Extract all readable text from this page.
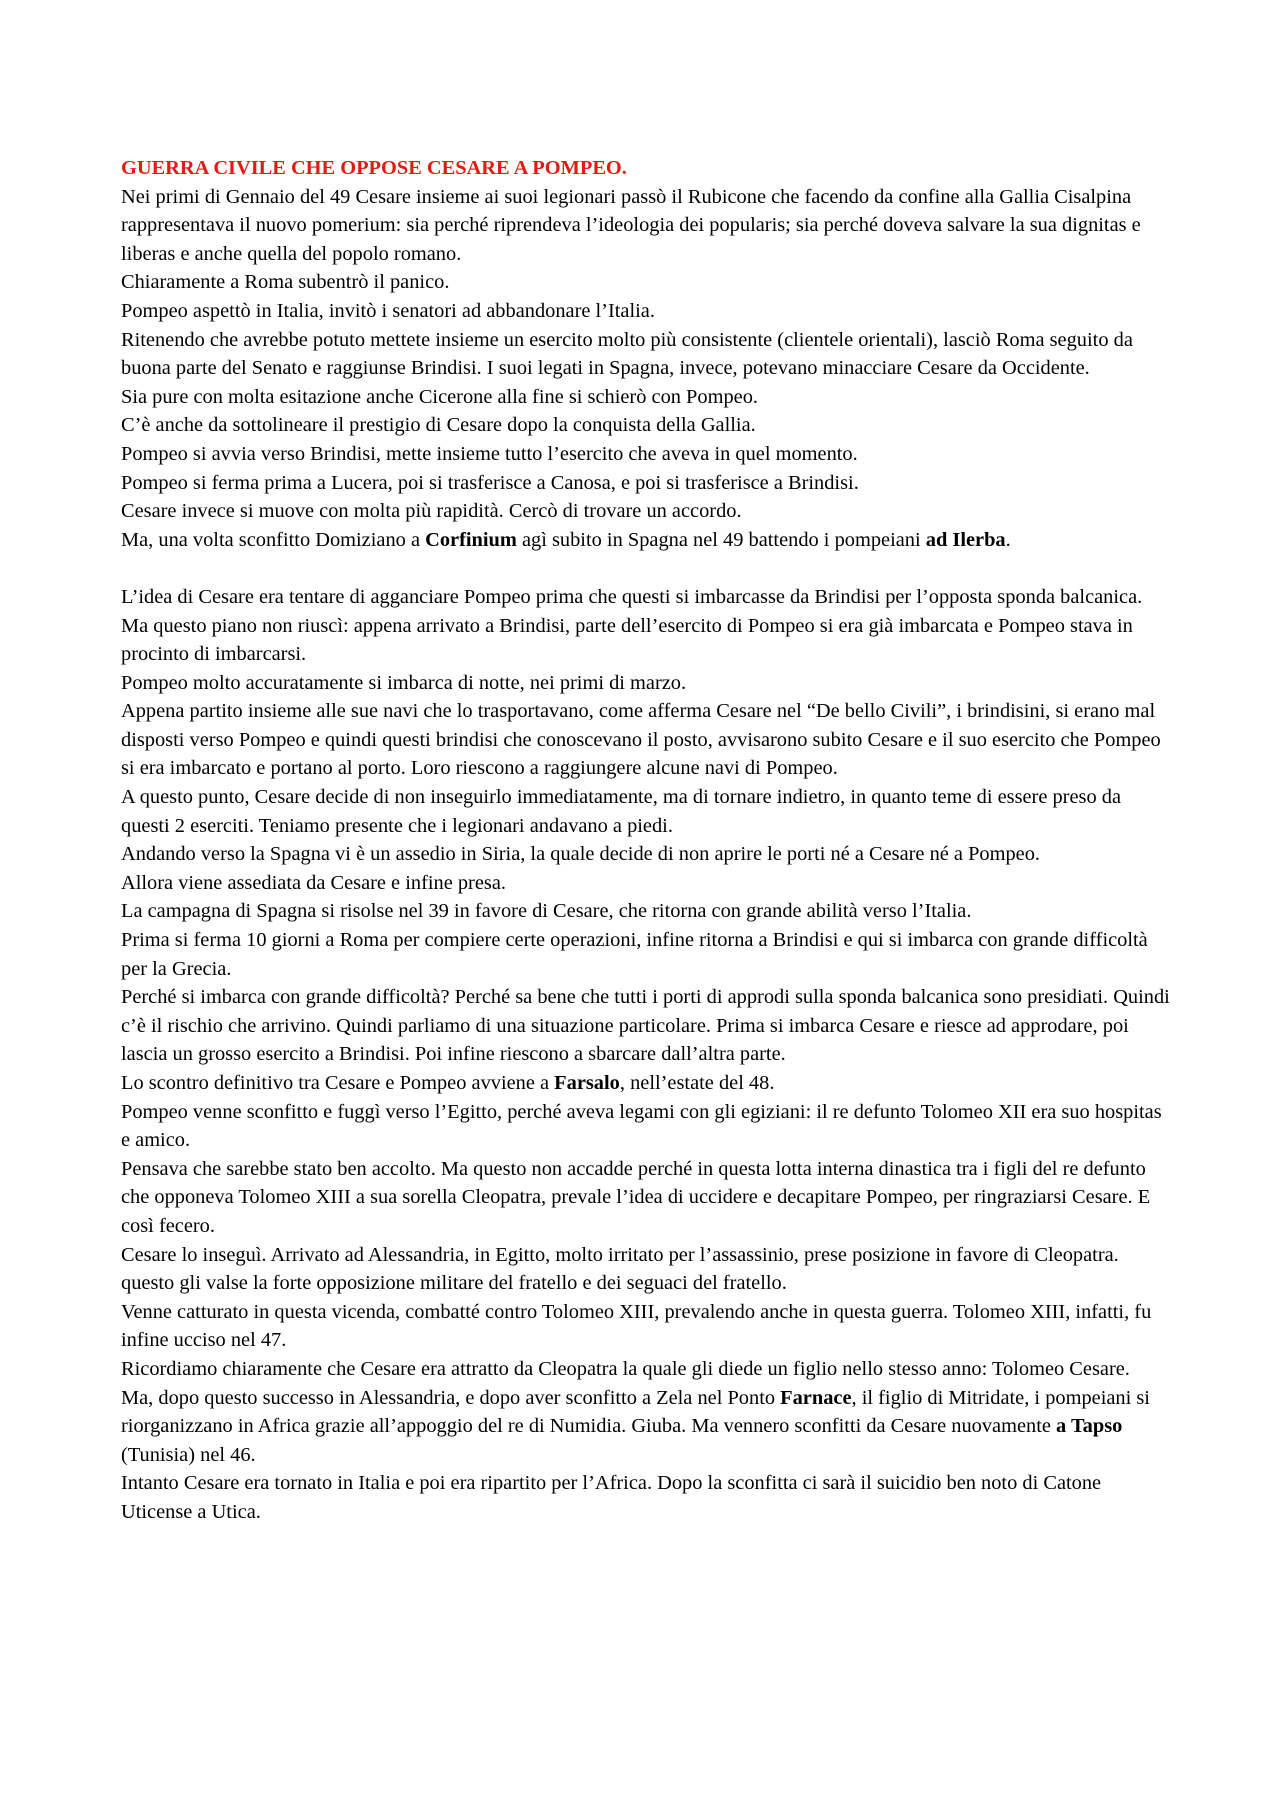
GUERRA CIVILE CHE OPPOSE CESARE A POMPEO.

Nei primi di Gennaio del 49 Cesare insieme ai suoi legionari passò il Rubicone che facendo da confine alla Gallia Cisalpina rappresentava il nuovo pomerium: sia perché riprendeva l’ideologia dei popularis; sia perché doveva salvare la sua dignitas e liberas e anche quella del popolo romano.

Chiaramente a Roma subentrò il panico.

Pompeo aspettò in Italia, invitò i senatori ad abbandonare l’Italia.

Ritenendo che avrebbe potuto mettete insieme un esercito molto più consistente (clientele orientali), lasciò Roma seguito da buona parte del Senato e raggiunse Brindisi. I suoi legati in Spagna, invece, potevano minacciare Cesare da Occidente.

Sia pure con molta esitazione anche Cicerone alla fine si schierò con Pompeo.

C’è anche da sottolineare il prestigio di Cesare dopo la conquista della Gallia.

Pompeo si avvia verso Brindisi, mette insieme tutto l’esercito che aveva in quel momento.

Pompeo si ferma prima a Lucera, poi si trasferisce a Canosa, e poi si trasferisce a Brindisi.

Cesare invece si muove con molta più rapidità. Cercò di trovare un accordo.

Ma, una volta sconfitto Domiziano a Corfinium agì subito in Spagna nel 49 battendo i pompeiani ad Ilerba.

L’idea di Cesare era tentare di agganciare Pompeo prima che questi si imbarcasse da Brindisi per l’opposta sponda balcanica. Ma questo piano non riuscì: appena arrivato a Brindisi, parte dell’esercito di Pompeo si era già imbarcata e Pompeo stava in procinto di imbarcarsi.

Pompeo molto accuratamente si imbarca di notte, nei primi di marzo.

Appena partito insieme alle sue navi che lo trasportavano, come afferma Cesare nel “De bello Civili”, i brindisini, si erano mal disposti verso Pompeo e quindi questi brindisi che conoscevano il posto, avvisarono subito Cesare e il suo esercito che Pompeo si era imbarcato e portano al porto. Loro riescono a raggiungere alcune navi di Pompeo.

A questo punto, Cesare decide di non inseguirlo immediatamente, ma di tornare indietro, in quanto teme di essere preso da questi 2 eserciti. Teniamo presente che i legionari andavano a piedi.

Andando verso la Spagna vi è un assedio in Siria, la quale decide di non aprire le porti né a Cesare né a Pompeo.

Allora viene assediata da Cesare e infine presa.

La campagna di Spagna si risolse nel 39 in favore di Cesare, che ritorna con grande abilità verso l’Italia.

Prima si ferma 10 giorni a Roma per compiere certe operazioni, infine ritorna a Brindisi e qui si imbarca con grande difficoltà per la Grecia.

Perché si imbarca con grande difficoltà? Perché sa bene che tutti i porti di approdi sulla sponda balcanica sono presidiati. Quindi c’è il rischio che arrivino. Quindi parliamo di una situazione particolare. Prima si imbarca Cesare e riesce ad approdare, poi lascia un grosso esercito a Brindisi. Poi infine riescono a sbarcare dall’altra parte.

Lo scontro definitivo tra Cesare e Pompeo avviene a Farsalo, nell’estate del 48.

Pompeo venne sconfitto e fuggì verso l’Egitto, perché aveva legami con gli egiziani: il re defunto Tolomeo XII era suo hospitas e amico.

Pensava che sarebbe stato ben accolto. Ma questo non accadde perché in questa lotta interna dinastica tra i figli del re defunto che opponeva Tolomeo XIII a sua sorella Cleopatra, prevale l’idea di uccidere e decapitare Pompeo, per ringraziarsi Cesare. E così fecero.

Cesare lo inseguì. Arrivato ad Alessandria, in Egitto, molto irritato per l’assassinio, prese posizione in favore di Cleopatra.

questo gli valse la forte opposizione militare del fratello e dei seguaci del fratello.

Venne catturato in questa vicenda, combatté contro Tolomeo XIII, prevalendo anche in questa guerra. Tolomeo XIII, infatti, fu infine ucciso nel 47.

Ricordiamo chiaramente che Cesare era attratto da Cleopatra la quale gli diede un figlio nello stesso anno: Tolomeo Cesare.

Ma, dopo questo successo in Alessandria, e dopo aver sconfitto a Zela nel Ponto Farnace, il figlio di Mitridate, i pompeiani si riorganizzano in Africa grazie all’appoggio del re di Numidia. Giuba. Ma vennero sconfitti da Cesare nuovamente a Tapso (Tunisia) nel 46.

Intanto Cesare era tornato in Italia e poi era ripartito per l’Africa. Dopo la sconfitta ci sarà il suicidio ben noto di Catone Uticense a Utica.
